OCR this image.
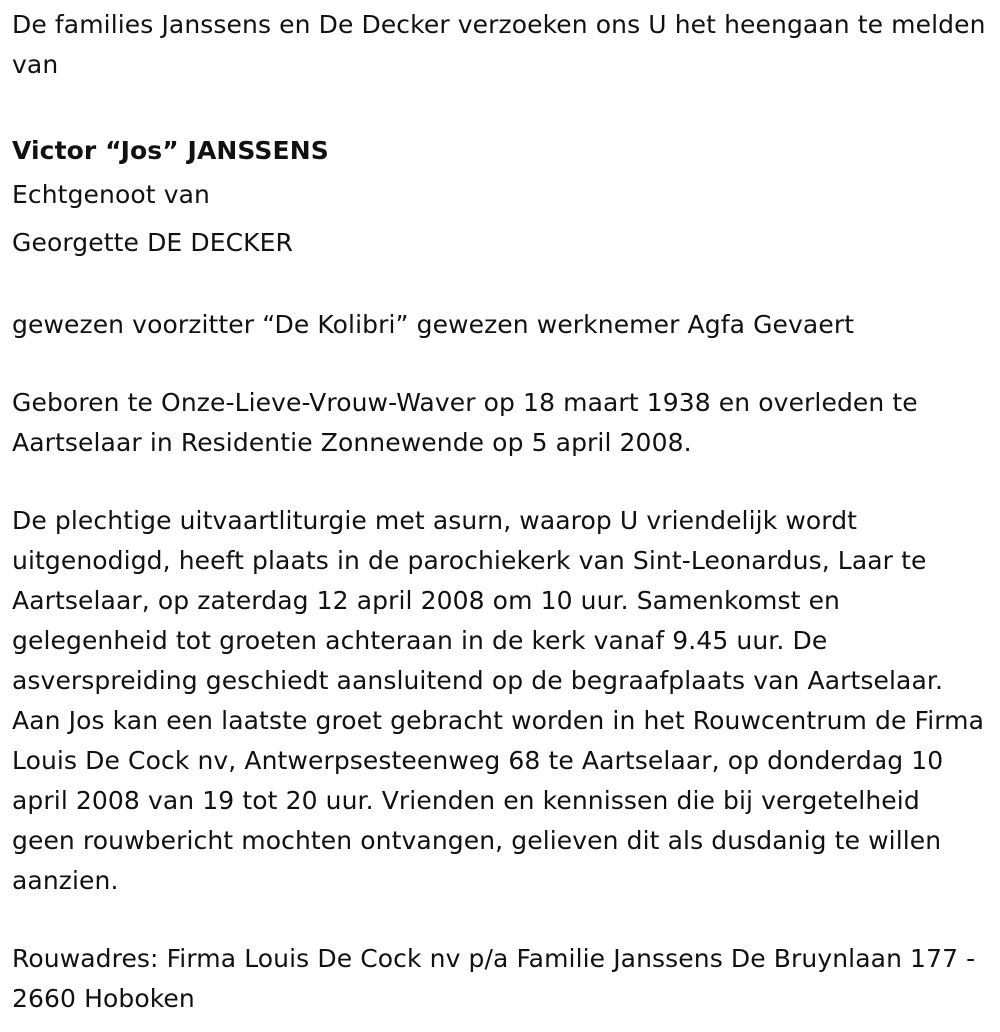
De families Janssens en De Decker verzoeken ons U het heengaan te melden van

Victor “Jos” JANSSENS

Echtgenoot van

Georgette DE DECKER

gewezen voorzitter “De Kolibri” gewezen werknemer Agfa Gevaert

Geboren te Onze-Lieve-Vrouw-Waver op 18 maart 1938 en overleden te Aartselaar in Residentie Zonnewende op 5 april 2008.

De plechtige uitvaartliturgie met asurn, waarop U vriendelijk wordt uitgenodigd, heeft plaats in de parochiekerk van Sint-Leonardus, Laar te Aartselaar, op zaterdag 12 april 2008 om 10 uur. Samenkomst en gelegenheid tot groeten achteraan in de kerk vanaf 9.45 uur. De asverspreiding geschiedt aansluitend op de begraafplaats van Aartselaar. Aan Jos kan een laatste groet gebracht worden in het Rouwcentrum de Firma Louis De Cock nv, Antwerpsesteenweg 68 te Aartselaar, op donderdag 10 april 2008 van 19 tot 20 uur. Vrienden en kennissen die bij vergetelheid geen rouwbericht mochten ontvangen, gelieven dit als dusdanig te willen aanzien.

Rouwadres: Firma Louis De Cock nv p/a Familie Janssens De Bruynlaan 177 - 2660 Hoboken
